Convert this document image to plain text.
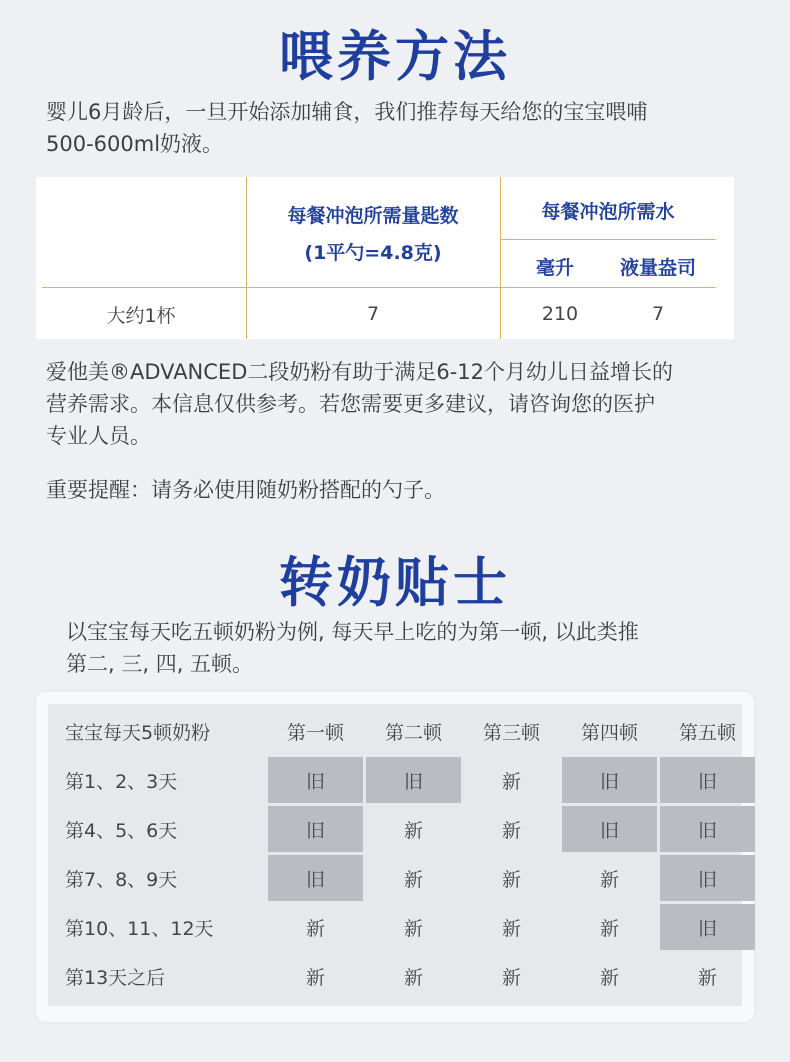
喂养方法
婴儿6月龄后，一旦开始添加辅食，我们推荐每天给您的宝宝喂哺
500-600ml奶液。
每餐冲泡所需量匙数
(1平勺=4.8克)
每餐冲泡所需水
毫升	液量盎司
大约1杯	7	210	7
爱他美®ADVANCED二段奶粉有助于满足6-12个月幼儿日益增长的
营养需求。本信息仅供参考。若您需要更多建议，请咨询您的医护
专业人员。
重要提醒：请务必使用随奶粉搭配的勺子。
转奶贴士
以宝宝每天吃五顿奶粉为例, 每天早上吃的为第一顿, 以此类推
第二, 三, 四, 五顿。
宝宝每天5顿奶粉	第一顿	第二顿	第三顿	第四顿	第五顿
第1、2、3天	旧	旧	新	旧	旧
第4、5、6天	旧	新	新	旧	旧
第7、8、9天	旧	新	新	新	旧
第10、11、12天	新	新	新	新	旧
第13天之后	新	新	新	新	新
